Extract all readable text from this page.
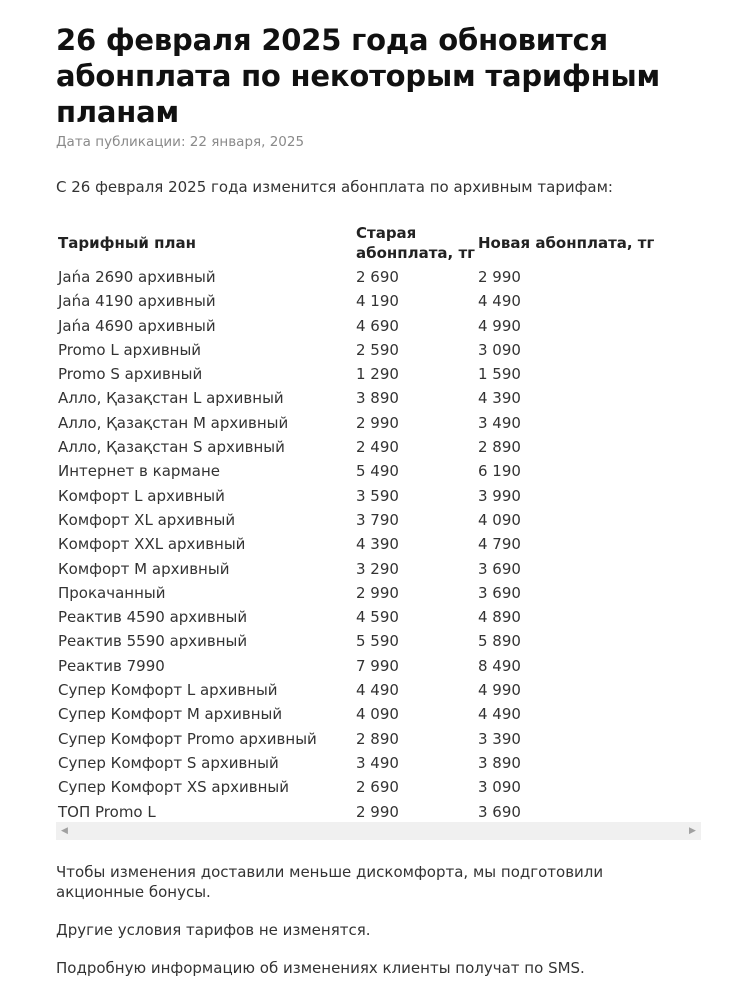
26 февраля 2025 года обновится абонплата по некоторым тарифным планам
Дата публикации: 22 января, 2025
С 26 февраля 2025 года изменится абонплата по архивным тарифам:
Тарифный план	Старая абонплата, тг	Новая абонплата, тг
Jańa 2690 архивный	2 690	2 990
Jańa 4190 архивный	4 190	4 490
Jańa 4690 архивный	4 690	4 990
Promo L архивный	2 590	3 090
Promo S архивный	1 290	1 590
Алло, Қазақстан L архивный	3 890	4 390
Алло, Қазақстан M архивный	2 990	3 490
Алло, Қазақстан S архивный	2 490	2 890
Интернет в кармане	5 490	6 190
Комфорт L архивный	3 590	3 990
Комфорт XL архивный	3 790	4 090
Комфорт XXL архивный	4 390	4 790
Комфорт M архивный	3 290	3 690
Прокачанный	2 990	3 690
Реактив 4590 архивный	4 590	4 890
Реактив 5590 архивный	5 590	5 890
Реактив 7990	7 990	8 490
Супер Комфорт L архивный	4 490	4 990
Супер Комфорт M архивный	4 090	4 490
Супер Комфорт Promo архивный	2 890	3 390
Супер Комфорт S архивный	3 490	3 890
Супер Комфорт XS архивный	2 690	3 090
ТОП Promo L	2 990	3 690
◀	▶

Чтобы изменения доставили меньше дискомфорта, мы подготовили акционные бонусы.

Другие условия тарифов не изменятся.

Подробную информацию об изменениях клиенты получат по SMS.
